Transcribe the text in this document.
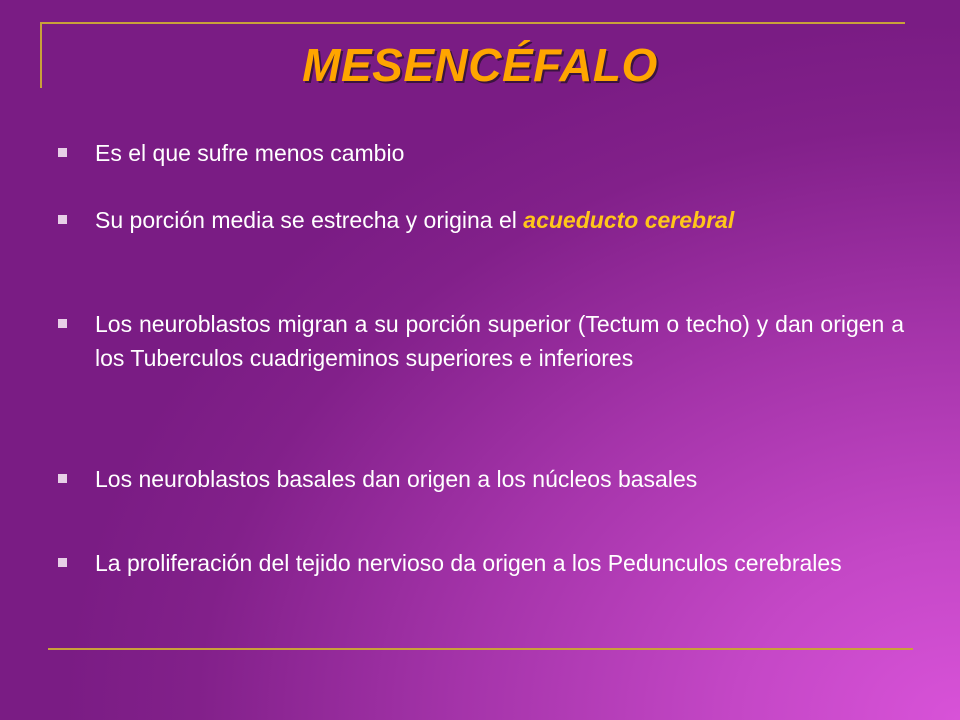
MESENCÉFALO
Es el que sufre menos cambio
Su porción media se estrecha y origina el acueducto cerebral
Los neuroblastos migran a su porción superior (Tectum o techo) y dan origen a los Tuberculos cuadrigeminos superiores e inferiores
Los neuroblastos basales dan origen a los núcleos basales
La proliferación del tejido nervioso da origen a los Pedunculos cerebrales
